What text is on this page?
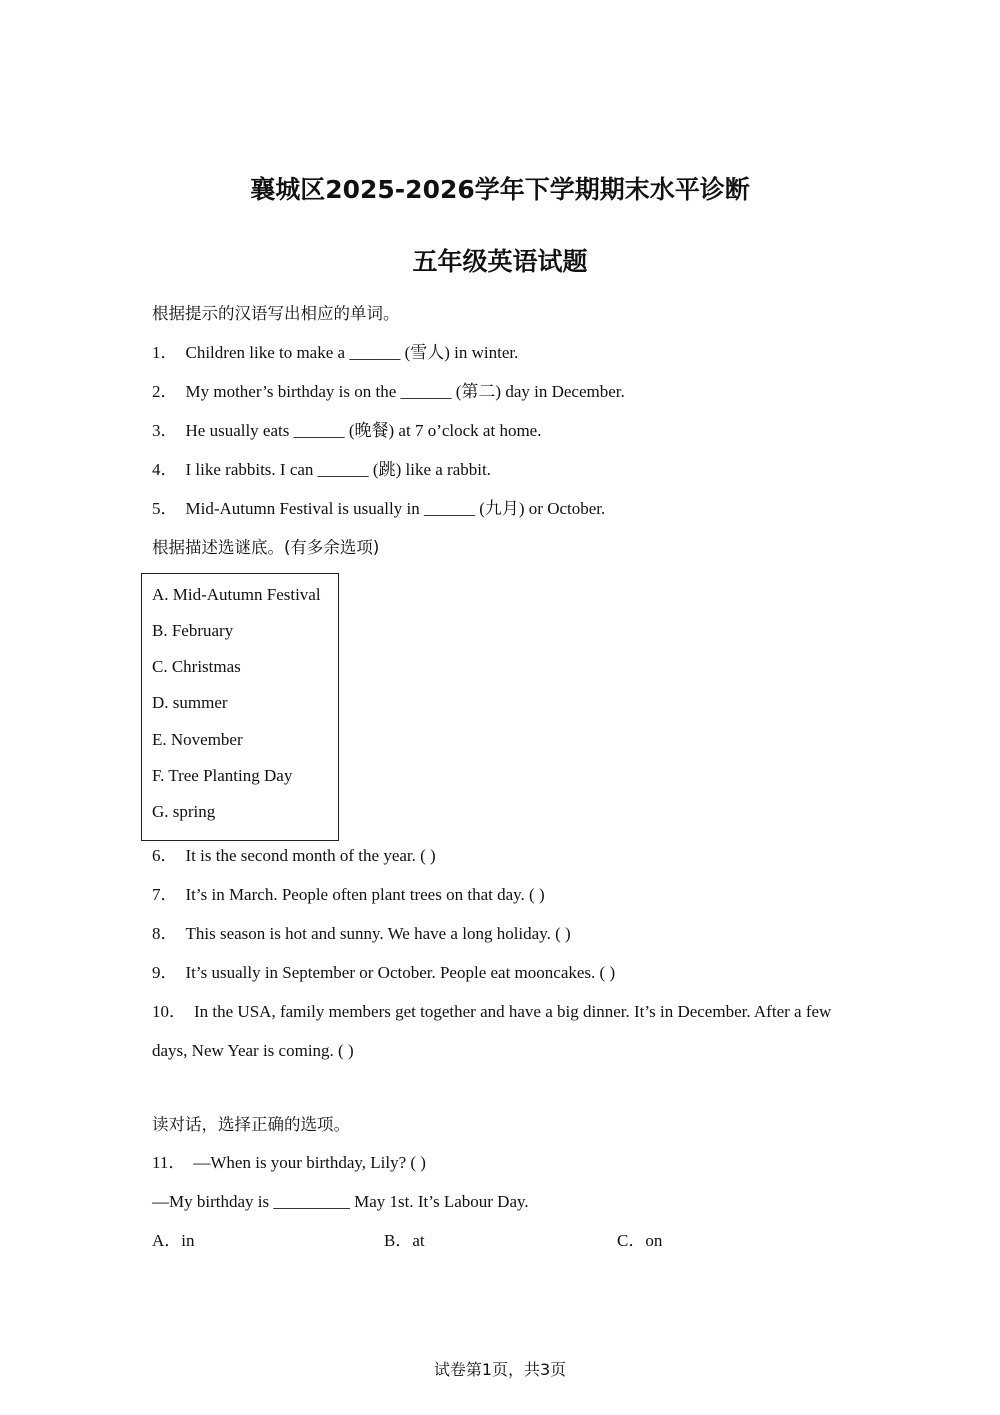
襄城区2025-2026学年下学期期末水平诊断
五年级英语试题
根据提示的汉语写出相应的单词。
1． Children like to make a ______ (雪人) in winter.
2． My mother’s birthday is on the ______ (第二) day in December.
3． He usually eats ______ (晚餐) at 7 o’clock at home.
4． I like rabbits. I can ______ (跳) like a rabbit.
5． Mid-Autumn Festival is usually in ______ (九月) or October.
根据描述选谜底。(有多余选项)
A. Mid-Autumn Festival
B. February
C. Christmas
D. summer
E. November
F. Tree Planting Day
G. spring
6． It is the second month of the year. ( )
7． It’s in March. People often plant trees on that day. ( )
8． This season is hot and sunny. We have a long holiday. ( )
9． It’s usually in September or October. People eat mooncakes. ( )
10． In the USA, family members get together and have a big dinner. It’s in December. After a few
days, New Year is coming. ( )
读对话，选择正确的选项。
11． —When is your birthday, Lily? ( )
—My birthday is _________ May 1st. It’s Labour Day.
A．in	B．at	C．on
试卷第1页，共3页
